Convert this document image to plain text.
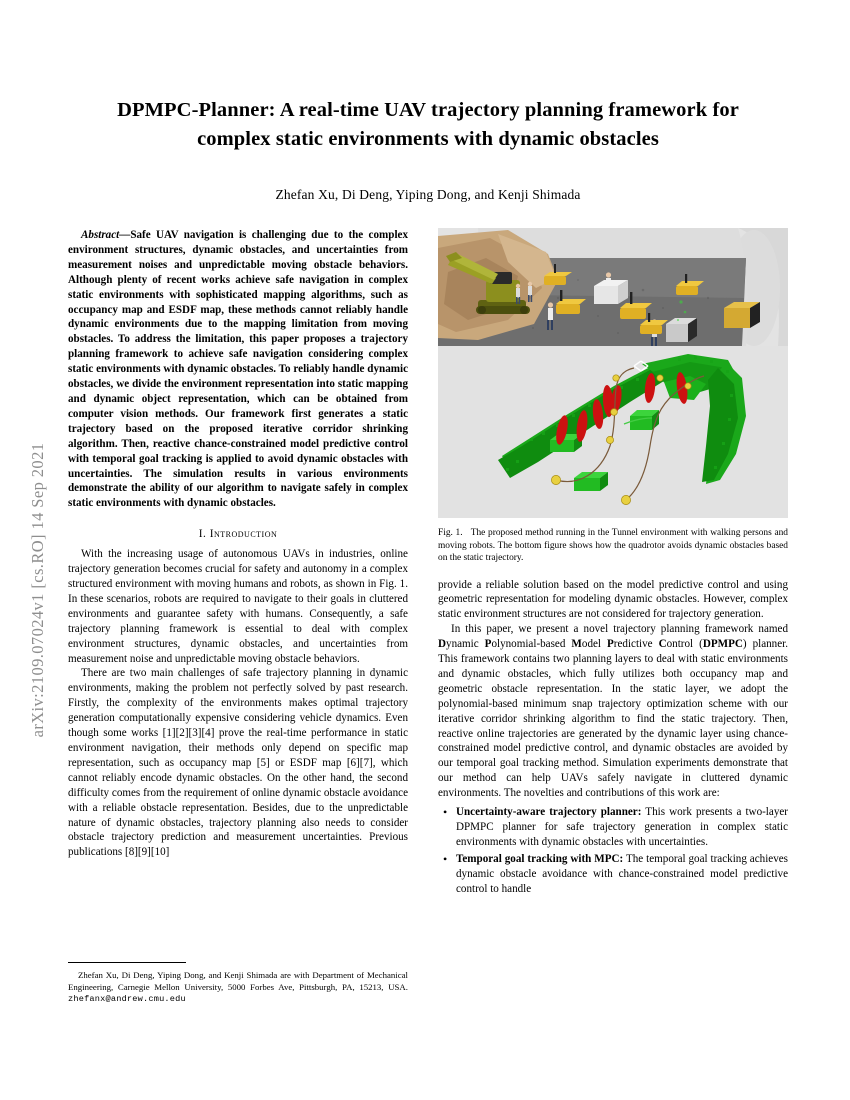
arXiv:2109.07024v1 [cs.RO] 14 Sep 2021
DPMPC-Planner: A real-time UAV trajectory planning framework for
complex static environments with dynamic obstacles
Zhefan Xu, Di Deng, Yiping Dong, and Kenji Shimada

Abstract—Safe UAV navigation is challenging due to the complex environment structures, dynamic obstacles, and uncertainties from measurement noises and unpredictable moving obstacle behaviors. Although plenty of recent works achieve safe navigation in complex static environments with sophisticated mapping algorithms, such as occupancy map and ESDF map, these methods cannot reliably handle dynamic environments due to the mapping limitation from moving obstacles. To address the limitation, this paper proposes a trajectory planning framework to achieve safe navigation considering complex static environments with dynamic obstacles. To reliably handle dynamic obstacles, we divide the environment representation into static mapping and dynamic object representation, which can be obtained from computer vision methods. Our framework first generates a static trajectory based on the proposed iterative corridor shrinking algorithm. Then, reactive chance-constrained model predictive control with temporal goal tracking is applied to avoid dynamic obstacles with uncertainties. The simulation results in various environments demonstrate the ability of our algorithm to navigate safely in complex static environments with dynamic obstacles.

I. Introduction

With the increasing usage of autonomous UAVs in industries, online trajectory generation becomes crucial for safety and autonomy in a complex structured environment with moving humans and robots, as shown in Fig. 1. In these scenarios, robots are required to navigate to their goals in cluttered environments and guarantee safety with humans. Consequently, a safe trajectory planning framework is essential to deal with complex environment structures, dynamic obstacles, and uncertainties from measurement noise and unpredictable moving obstacle behaviors.

There are two main challenges of safe trajectory planning in dynamic environments, making the problem not perfectly solved by past research. Firstly, the complexity of the environments makes optimal trajectory generation computationally expensive considering vehicle dynamics. Even though some works [1][2][3][4] prove the real-time performance in static environment navigation, their methods only depend on specific map representation, such as occupancy map [5] or ESDF map [6][7], which cannot reliably encode dynamic obstacles. On the other hand, the second difficulty comes from the requirement of online dynamic obstacle avoidance with a reliable obstacle representation. Besides, due to the unpredictable nature of dynamic obstacles, trajectory planning also needs to consider obstacle trajectory prediction and measurement uncertainties. Previous publications [8][9][10]

Fig. 1. The proposed method running in the Tunnel environment with walking persons and moving robots. The bottom figure shows how the quadrotor avoids dynamic obstacles based on the static trajectory.

provide a reliable solution based on the model predictive control and using geometric representation for modeling dynamic obstacles. However, complex static environment structures are not considered for trajectory generation.

In this paper, we present a novel trajectory planning framework named Dynamic Polynomial-based Model Predictive Control (DPMPC) planner. This framework contains two planning layers to deal with static environments and dynamic obstacles, which fully utilizes both occupancy map and geometric obstacle representation. In the static layer, we adopt the polynomial-based minimum snap trajectory optimization scheme with our iterative corridor shrinking algorithm to find the static trajectory. Then, reactive online trajectories are generated by the dynamic layer using chance-constrained model predictive control, and dynamic obstacles are avoided by our temporal goal tracking method. Simulation experiments demonstrate that our method can help UAVs safely navigate in cluttered dynamic environments. The novelties and contributions of this work are:

• Uncertainty-aware trajectory planner: This work presents a two-layer DPMPC planner for safe trajectory generation in complex static environments with dynamic obstacles with uncertainties.
• Temporal goal tracking with MPC: The temporal goal tracking achieves dynamic obstacle avoidance with chance-constrained model predictive control to handle
Zhefan Xu, Di Deng, Yiping Dong, and Kenji Shimada are with Department of Mechanical Engineering, Carnegie Mellon University, 5000 Forbes Ave, Pittsburgh, PA, 15213, USA. zhefanx@andrew.cmu.edu
